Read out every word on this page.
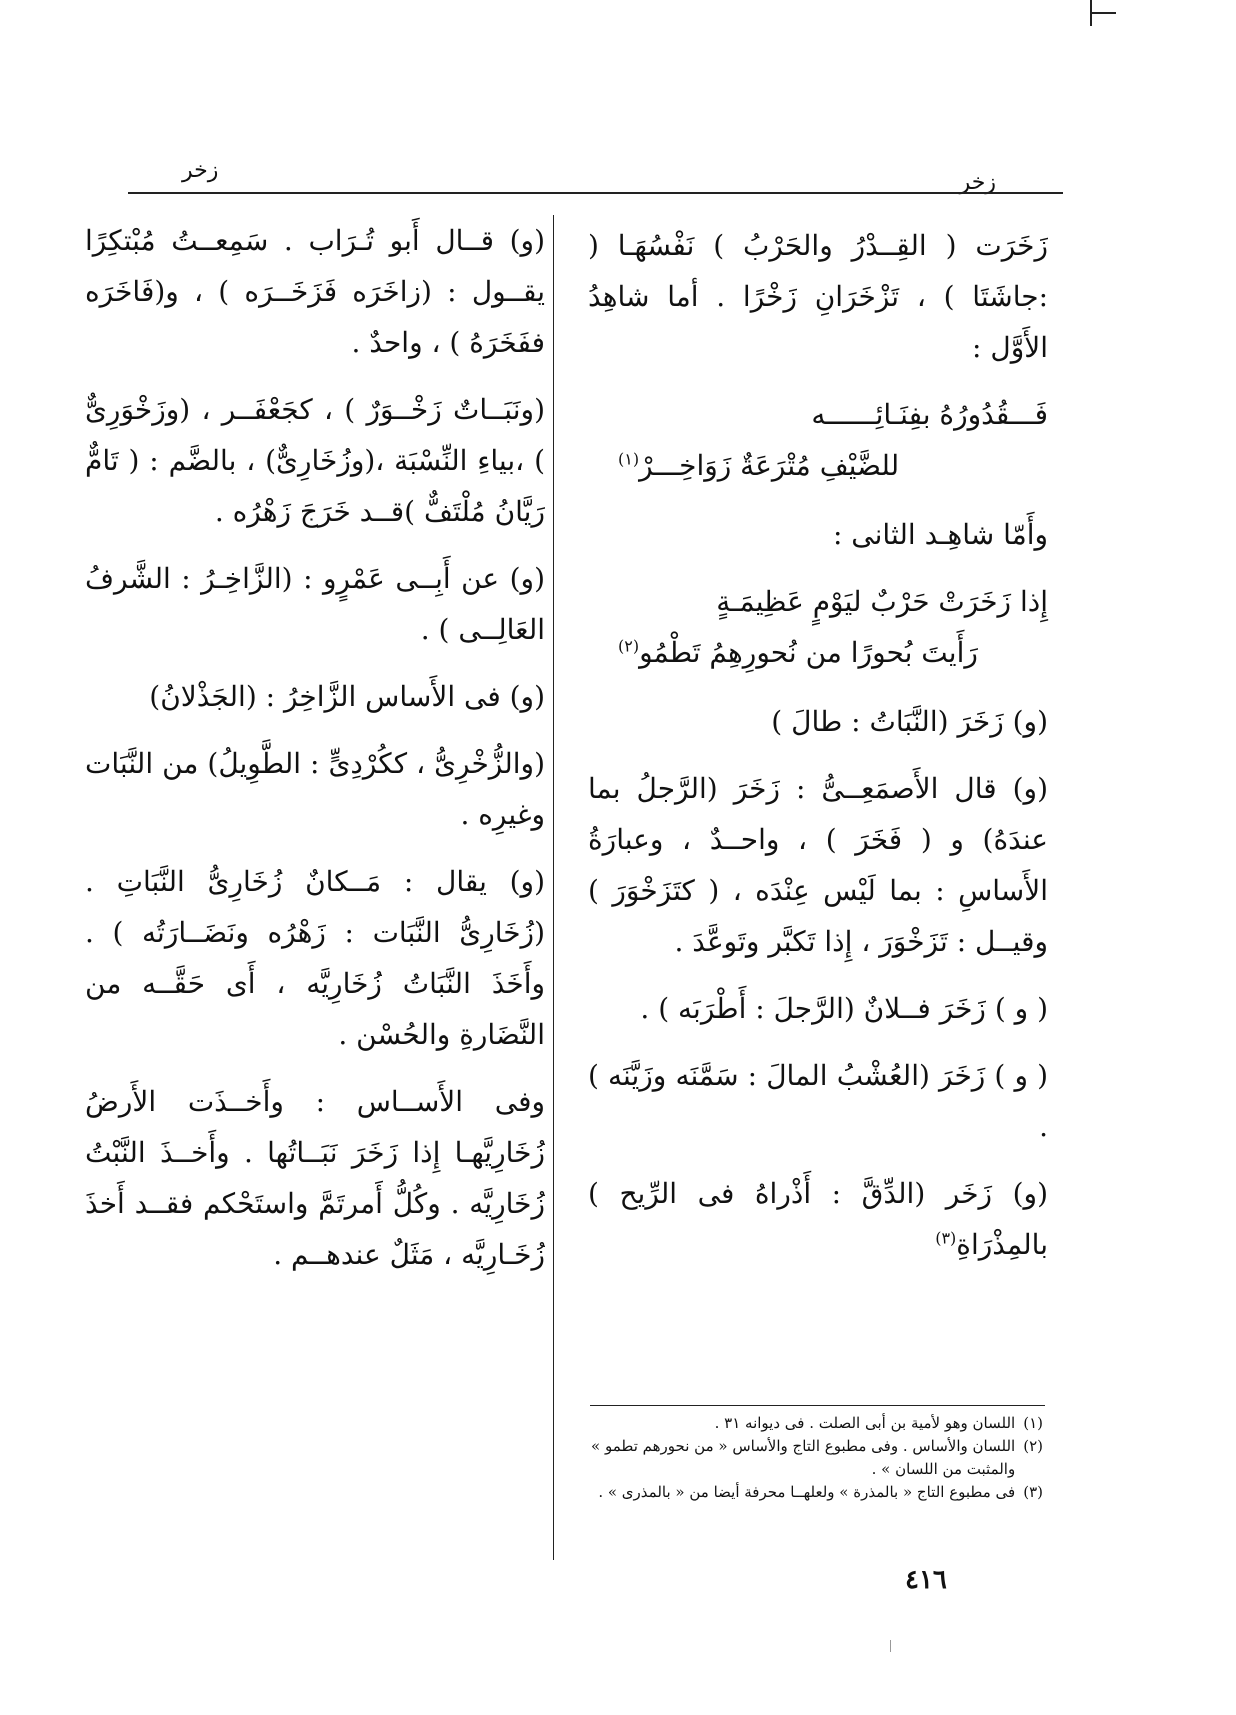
زخر
زخر

زَخَرَت ( القِــدْرُ والحَرْبُ ) نَفْسُهَـا ( :جاشَتَا ) ، تَزْخَرَانِ زَخْرًا . أما شاهِدُ الأَوَّل :

فَـــقُدُورُهُ بفِنَـائِــــــه
للضَّيْفِ مُتْرَعَةٌ زَوَاخِـــرْ$^{(١)}$

وأَمّا شاهِـد الثانى :

إِذا زَخَرَتْ حَرْبٌ ليَوْمٍ عَظِيمَـةٍ
رَأَيتَ بُحورًا من نُحورِهِمُ تَطْمُو$^{(٢)}$

(و) زَخَرَ (النَّبَاتُ : طالَ )

(و) قال الأَصمَعِــىُّ : زَخَرَ (الرَّجلُ بما عندَهُ) و ( فَخَرَ ) ، واحــدٌ ، وعبارَةُ الأَساسِ : بما لَيْس عِنْدَه ، ( كتَزَخْوَرَ ) وقيــل : تَزَخْوَرَ ، إِذا تَكبَّر وتَوعَّدَ .

( و ) زَخَرَ فــلانٌ (الرَّجلَ : أَطْرَبَه ) .

( و ) زَخَرَ (العُشْبُ المالَ : سَمَّنَه وزَيَّنَه ) .

(و) زَخَر (الدِّقَّ : أَذْراهُ فى الرِّيح ) بالمِذْرَاةِ$^{(٣)}$

(و) قــال أَبو تُـرَاب . سَمِعــتُ مُبْتكِرًا يقــول : (زاخَرَه فَزَخَــرَه ) ، و(فَاخَرَه ففَخَرَهُ ) ، واحدٌ .

(ونَبَــاتٌ زَخْــوَرٌ ) ، كجَعْفَــر ، (وزَخْوَرِىٌّ ) ،بياءِ النِّسْبَة ،(وزُخَارِىٌّ) ، بالضَّم : ( تَامٌّ رَيَّانُ مُلْتَفٌّ )قــد خَرَجَ زَهْرُه .

(و) عن أَبِــى عَمْرٍو : (الزَّاخِـرُ : الشَّرفُ العَالِــى ) .

(و) فى الأَساس الزَّاخِرُ : (الجَذْلانُ)

(والزُّخْرِىُّ ، ككُرْدِىٍّ : الطَّوِيلُ) من النَّبَات وغيرِه .

(و) يقال : مَــكانٌ زُخَارِىُّ النَّبَاتِ . (زُخَارِىُّ النَّبَات : زَهْرُه ونَضَــارَتُه ) . وأَخَذَ النَّبَاتُ زُخَارِيَّه ، أَى حَقَّــه من النَّضَارةِ والحُسْن .

وفى الأَســاس : وأَخــذَت الأَرضُ زُخَارِيَّهـا إِذا زَخَرَ نَبَــاتُها . وأَخــذَ النَّبْتُ زُخَارِيَّه . وكُلُّ أَمرتَمَّ واستَحْكم فقــد أَخذَ زُخَـارِيَّه ، مَثَلٌ عندهــم .

(١)
اللسان وهو لأمية بن أبى الصلت . فى ديوانه ٣١ .
(٢)
اللسان والأساس . وفى مطبوع التاج والأساس « من نحورهم تطمو » والمثبت من اللسان » .
(٣)
فى مطبوع التاج « بالمذرة » ولعلهــا محرفة أيضا من « بالمذرى » .
٤١٦
